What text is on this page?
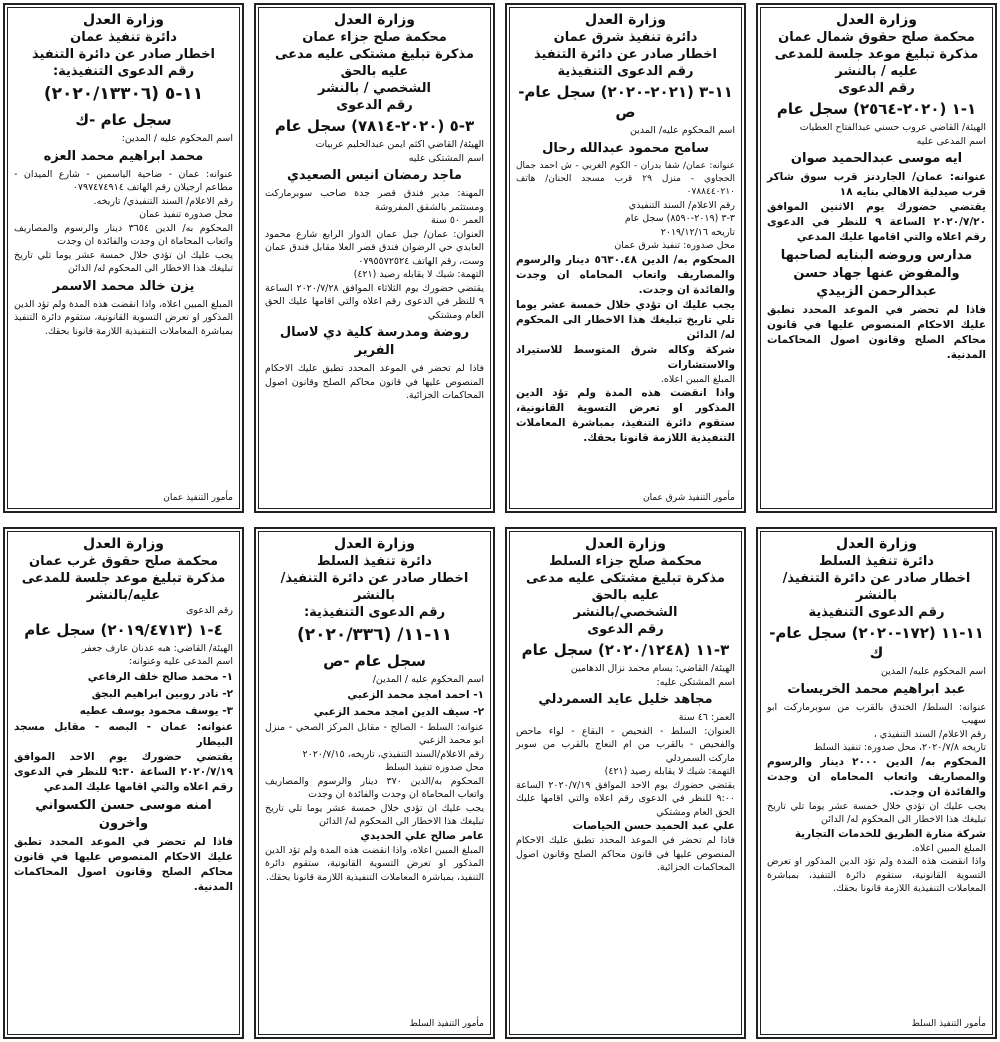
وزارة العدل
محكمة صلح حقوق شمال عمان
مذكرة تبليغ موعد جلسة للمدعى
عليه / بالنشر
رقم الدعوى
١-١ (٢٠٢٠-٢٥٦٤) سجل عام
الهيئة/ القاضي عروب حسني عبدالفتاح العطيات
اسم المدعى عليه
ايه موسى عبدالحميد صوان
عنوانه: عمان/ الجاردنز قرب سوق شاكر قرب صيدلية الاهالي بنايه ١٨
يقتضي حضورك يوم الاثنين الموافق ٢٠٢٠/٧/٢٠ الساعة ٩ للنظر في الدعوى رقم اعلاه والتي اقامها عليك المدعي
مدارس وروضه البنايه لصاحبها والمفوض عنها جهاد حسن عبدالرحمن الزبيدي
فاذا لم تحضر في الموعد المحدد تطبق عليك الاحكام المنصوص عليها في قانون محاكم الصلح وقانون اصول المحاكمات المدنية.
وزارة العدل
دائرة تنفيذ شرق عمان
اخطار صادر عن دائرة التنفيذ
رقم الدعوى التنفيذية
١١-٣ (٢٠٢١-٢٠٢٠) سجل عام-ص
اسم المحكوم عليه/ المدين
سامح محمود عبدالله رحال
عنوانه: عمان/ شفا بدران - الكوم الغربي - ش احمد جمال الحجاوي - منزل ٢٩ قرب مسجد الحنان/ هاتف ٠٧٨٨٤٤٠٢١٠
رقم الاعلام/ السند التنفيذي
٣-٣ (٢٠١٩-٨٥٩٠) سجل عام
تاريخه ٢٠١٩/١٢/١٦
محل صدوره: تنفيذ شرق عمان
المحكوم به/ الدين ٥٦٣٠.٤٨ دينار والرسوم والمصاريف واتعاب المحاماه ان وجدت والفائدة ان وجدت.
يجب عليك ان تؤدي خلال خمسة عشر يوما تلي تاريخ تبليغك هذا الاخطار الى المحكوم له/ الدائن
شركة وكاله شرق المتوسط للاستيراد والاستشارات
المبلغ المبين اعلاه.
واذا انقضت هذه المدة ولم تؤد الدين المذكور او تعرض التسوية القانونية، ستقوم دائرة التنفيذ، بمباشرة المعاملات التنفيذية اللازمة قانونا بحقك.
مأمور التنفيذ شرق عمان
وزارة العدل
محكمة صلح جزاء عمان
مذكرة تبليغ مشتكى عليه مدعى عليه بالحق
الشخصي / بالنشر
رقم الدعوى
٣-٥ (٢٠٢٠-٧٨١٤) سجل عام
الهيئة/ القاضي اكثم ايمن عبدالحليم عربيات
اسم المشتكى عليه
ماجد رمضان انيس الصعيدي
المهنة: مدير فندق قصر جدة صاحب سوبرماركت ومستثمر بالشقق المفروشة
العمر ٥٠ سنة
العنوان: عمان/ جبل عمان الدوار الرابع شارع محمود العابدي حي الرضوان فندق قصر العلا مقابل فندق عمان وست، رقم الهاتف ٠٧٩٥٥٧٢٥٢٤
التهمة: شيك لا يقابله رصيد (٤٢١)
يقتضي حضورك يوم الثلاثاء الموافق ٢٠٢٠/٧/٢٨ الساعة ٩ للنظر في الدعوى رقم اعلاه والتي اقامها عليك الحق العام ومشتكي
روضة ومدرسة كلية دي لاسال الفرير
فاذا لم تحضر في الموعد المحدد تطبق عليك الاحكام المنصوص عليها في قانون محاكم الصلح وقانون اصول المحاكمات الجزائية.
وزارة العدل
دائرة تنفيذ عمان
اخطار صادر عن دائرة التنفيذ
رقم الدعوى التنفيذية:
١١-٥ (٢٠٢٠/١٣٣٠٦)
سجل عام -ك
اسم المحكوم عليه / المدين:
محمد ابراهيم محمد العزه
عنوانه: عمان - ضاحية الياسمين - شارع الميدان - مطاعم ارجيلان رقم الهاتف ٠٧٩٧٤٧٤٩١٤
رقم الاعلام/ السند التنفيذي/ تاريخه.
محل صدوره تنفيذ عمان
المحكوم به/ الدين ٣٦٥٤ دينار والرسوم والمصاريف واتعاب المحاماة ان وجدت والفائدة ان وجدت
يجب عليك ان تؤدي خلال خمسة عشر يوما تلي تاريخ تبليغك هذا الاخطار الى المحكوم له/ الدائن
يزن خالد محمد الاسمر
المبلغ المبين اعلاه، واذا انقضت هذه المدة ولم تؤد الدين المذكور او تعرض التسوية القانونية، ستقوم دائرة التنفيذ بمباشرة المعاملات التنفيذية اللازمة قانونا بحقك.
مأمور التنفيذ عمان
وزارة العدل
دائرة تنفيذ السلط
اخطار صادر عن دائرة التنفيذ/بالنشر
رقم الدعوى التنفيذية
١١-١١ (١٧٢-٢٠٢٠) سجل عام-ك
اسم المحكوم عليه/ المدين
عبد ابراهيم محمد الخريسات
عنوانه: السلط/ الخندق بالقرب من سوبرماركت ابو سهيب
رقم الاعلام/ السند التنفيذي ،
تاريخه ٢٠٢٠/٧/٨، محل صدوره: تنفيذ السلط
المحكوم به/ الدين ٢٠٠٠ دينار والرسوم والمصاريف واتعاب المحاماه ان وجدت والفائدة ان وجدت.
يجب عليك ان تؤدي خلال خمسة عشر يوما تلي تاريخ تبليغك هذا الاخطار الى المحكوم له/ الدائن
شركة منارة الطريق للخدمات التجارية
المبلغ المبين اعلاه.
واذا انقضت هذه المدة ولم تؤد الدين المذكور او تعرض التسوية القانونية، ستقوم دائرة التنفيذ، بمباشرة المعاملات التنفيذية اللازمة قانونا بحقك.
مأمور التنفيذ السلط
وزارة العدل
محكمة صلح جزاء السلط
مذكرة تبليغ مشتكى عليه مدعى عليه بالحق
الشخصي/بالنشر
رقم الدعوى
٣-١١ (٢٠٢٠/١٢٤٨) سجل عام
الهيئة/ القاضي: بسام محمد نزال الدهامين
اسم المشتكى عليه:
مجاهد خليل عايد السمردلي
العمر: ٤٦ سنة
العنوان: السلط - الفحيص - البقاع - لواء ماحص والفحيص - بالقرب من ام النعاج بالقرب من سوبر ماركت السمردلي
التهمة: شيك لا يقابله رصيد (٤٢١)
يقتضي حضورك يوم الاحد الموافق ٢٠٢٠/٧/١٩ الساعة ٩:٠٠ للنظر في الدعوى رقم اعلاه والتي اقامها عليك الحق العام ومشتكي
علي عبد الحميد حسن الحياصات
فاذا لم تحضر في الموعد المحدد تطبق عليك الاحكام المنصوص عليها في قانون محاكم الصلح وقانون اصول المحاكمات الجزائية.
وزارة العدل
دائرة تنفيذ السلط
اخطار صادر عن دائرة التنفيذ/بالنشر
رقم الدعوى التنفيذية:
١١-١١/ (٢٠٢٠/٣٣٦)
سجل عام -ص
اسم المحكوم عليه / المدين/
١- احمد امجد محمد الزعبي
٢- سيف الدين امجد محمد الزعبي
عنوانه: السلط - الصالح - مقابل المركز الصحي - منزل ابو محمد الزعبي
رقم الاعلام/السند التنفيذي، تاريخه، ٢٠٢٠/٧/١٥
محل صدوره تنفيذ السلط
المحكوم به/الدين ٣٧٠ دينار والرسوم والمصاريف واتعاب المحاماة ان وجدت والفائدة ان وجدت
يجب عليك ان تؤدي خلال خمسة عشر يوما تلي تاريخ تبليغك هذا الاخطار الى المحكوم له/ الدائن
عامر صالح علي الحديدي
المبلغ المبين اعلاه، واذا انقضت هذه المدة ولم تؤد الدين المذكور او تعرض التسوية القانونية، ستقوم دائرة التنفيذ، بمباشرة المعاملات التنفيذية اللازمة قانونا بحقك.
مأمور التنفيذ السلط
وزارة العدل
محكمة صلح حقوق غرب عمان
مذكرة تبليغ موعد جلسة للمدعى
عليه/بالنشر
رقم الدعوى
٤-١ (٢٠١٩/٤٧١٣) سجل عام
الهيئة/ القاضي: هبه عدنان عارف جعفر
اسم المدعى عليه وعنوانه:
١- محمد صالح خلف الرفاعي
٢- نادر روبين ابراهيم البجق
٣- يوسف محمود يوسف عطيه
عنوانه: عمان - البصه - مقابل مسجد البيطار
يقتضي حضورك يوم الاحد الموافق ٢٠٢٠/٧/١٩ الساعة ٩:٣٠ للنظر في الدعوى رقم اعلاه والتي اقامها عليك المدعي
امنه موسى حسن الكسواني واخرون
فاذا لم تحضر في الموعد المحدد تطبق عليك الاحكام المنصوص عليها في قانون محاكم الصلح وقانون اصول المحاكمات المدنية.
